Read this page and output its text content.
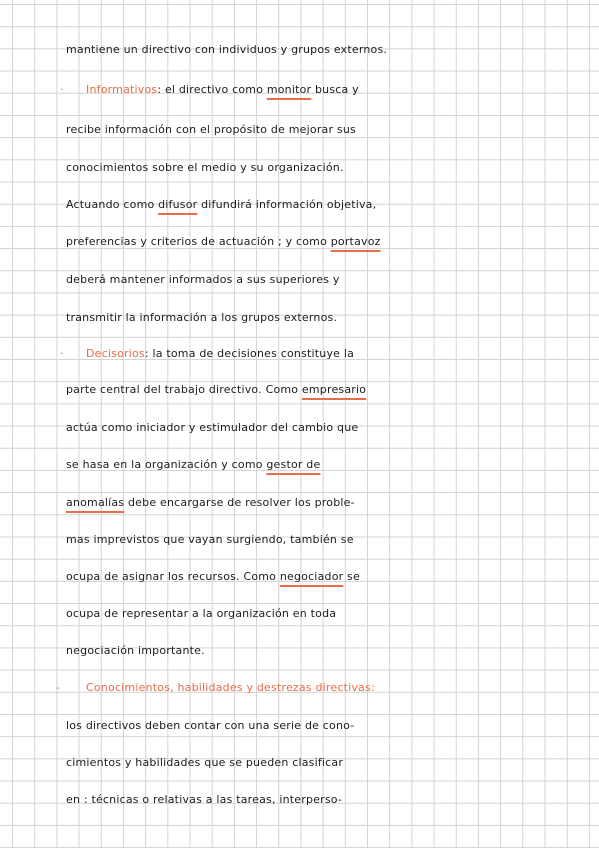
mantiene un directivo con individuos y grupos externos.
· Informativos: el directivo como monitor busca y
recibe información con el propósito de mejorar sus
conocimientos sobre el medio y su organización.
Actuando como difusor difundirá información objetiva,
preferencias y criterios de actuación ; y como portavoz
deberá mantener informados a sus superiores y
transmitir la información a los grupos externos.
· Decisorios: la toma de decisiones constituye la
parte central del trabajo directivo. Como empresario
actúa como iniciador y estimulador del cambio que
se hasa en la organización y como gestor de
anomalías debe encargarse de resolver los proble-
mas imprevistos que vayan surgiendo, también se
ocupa de asignar los recursos. Como negociador se
ocupa de representar a la organización en toda
negociación importante.
- Conocimientos, habilidades y destrezas directivas:
los directivos deben contar con una serie de cono-
cimientos y habilidades que se pueden clasificar
en : técnicas o relativas a las tareas, interperso-
